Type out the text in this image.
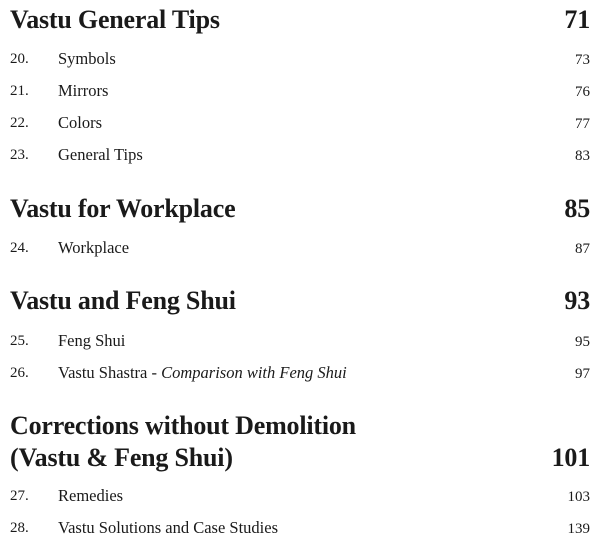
Vastu General Tips	71
20. Symbols	73
21. Mirrors	76
22. Colors	77
23. General Tips	83
Vastu for Workplace	85
24. Workplace	87
Vastu and Feng Shui	93
25. Feng Shui	95
26. Vastu Shastra - Comparison with Feng Shui	97
Corrections without Demolition
(Vastu & Feng Shui)	101
27. Remedies	103
28. Vastu Solutions and Case Studies	139
